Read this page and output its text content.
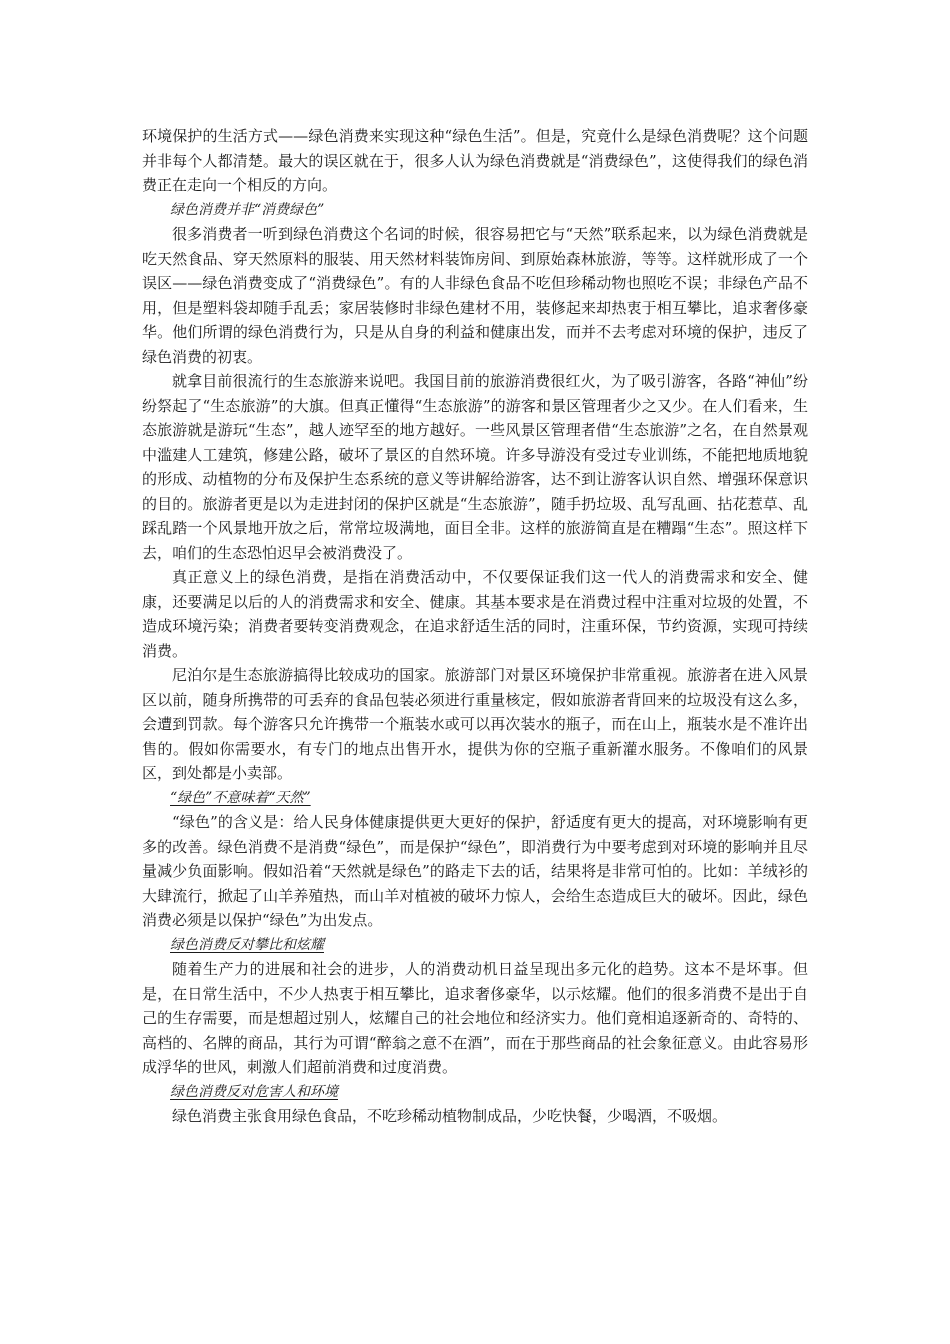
环境保护的生活方式——绿色消费来实现这种“绿色生活”。但是，究竟什么是绿色消费呢？这个问题并非每个人都清楚。最大的误区就在于，很多人认为绿色消费就是“消费绿色”，这使得我们的绿色消费正在走向一个相反的方向。

绿色消费并非“消费绿色”

很多消费者一听到绿色消费这个名词的时候，很容易把它与“天然”联系起来，以为绿色消费就是吃天然食品、穿天然原料的服装、用天然材料装饰房间、到原始森林旅游，等等。这样就形成了一个误区——绿色消费变成了“消费绿色”。有的人非绿色食品不吃但珍稀动物也照吃不误；非绿色产品不用，但是塑料袋却随手乱丢；家居装修时非绿色建材不用，装修起来却热衷于相互攀比，追求奢侈豪华。他们所谓的绿色消费行为，只是从自身的利益和健康出发，而并不去考虑对环境的保护，违反了绿色消费的初衷。

就拿目前很流行的生态旅游来说吧。我国目前的旅游消费很红火，为了吸引游客，各路“神仙”纷纷祭起了“生态旅游”的大旗。但真正懂得“生态旅游”的游客和景区管理者少之又少。在人们看来，生态旅游就是游玩“生态”，越人迹罕至的地方越好。一些风景区管理者借“生态旅游”之名，在自然景观中滥建人工建筑，修建公路，破坏了景区的自然环境。许多导游没有受过专业训练，不能把地质地貌的形成、动植物的分布及保护生态系统的意义等讲解给游客，达不到让游客认识自然、增强环保意识的目的。旅游者更是以为走进封闭的保护区就是“生态旅游”，随手扔垃圾、乱写乱画、拈花惹草、乱踩乱踏一个风景地开放之后，常常垃圾满地，面目全非。这样的旅游简直是在糟蹋“生态”。照这样下去，咱们的生态恐怕迟早会被消费没了。

真正意义上的绿色消费，是指在消费活动中，不仅要保证我们这一代人的消费需求和安全、健康，还要满足以后的人的消费需求和安全、健康。其基本要求是在消费过程中注重对垃圾的处置，不造成环境污染；消费者要转变消费观念，在追求舒适生活的同时，注重环保，节约资源，实现可持续消费。

尼泊尔是生态旅游搞得比较成功的国家。旅游部门对景区环境保护非常重视。旅游者在进入风景区以前，随身所携带的可丢弃的食品包装必须进行重量核定，假如旅游者背回来的垃圾没有这么多，会遭到罚款。每个游客只允许携带一个瓶装水或可以再次装水的瓶子，而在山上，瓶装水是不准许出售的。假如你需要水，有专门的地点出售开水，提供为你的空瓶子重新灌水服务。不像咱们的风景区，到处都是小卖部。

“绿色”不意味着“天然”

“绿色”的含义是：给人民身体健康提供更大更好的保护，舒适度有更大的提高，对环境影响有更多的改善。绿色消费不是消费“绿色”，而是保护“绿色”，即消费行为中要考虑到对环境的影响并且尽量减少负面影响。假如沿着“天然就是绿色”的路走下去的话，结果将是非常可怕的。比如：羊绒衫的大肆流行，掀起了山羊养殖热，而山羊对植被的破坏力惊人，会给生态造成巨大的破坏。因此，绿色消费必须是以保护“绿色”为出发点。

绿色消费反对攀比和炫耀

随着生产力的进展和社会的进步，人的消费动机日益呈现出多元化的趋势。这本不是坏事。但是，在日常生活中，不少人热衷于相互攀比，追求奢侈豪华，以示炫耀。他们的很多消费不是出于自己的生存需要，而是想超过别人，炫耀自己的社会地位和经济实力。他们竟相追逐新奇的、奇特的、高档的、名牌的商品，其行为可谓“醉翁之意不在酒”，而在于那些商品的社会象征意义。由此容易形成浮华的世风，刺激人们超前消费和过度消费。

绿色消费反对危害人和环境

绿色消费主张食用绿色食品，不吃珍稀动植物制成品，少吃快餐，少喝酒，不吸烟。
